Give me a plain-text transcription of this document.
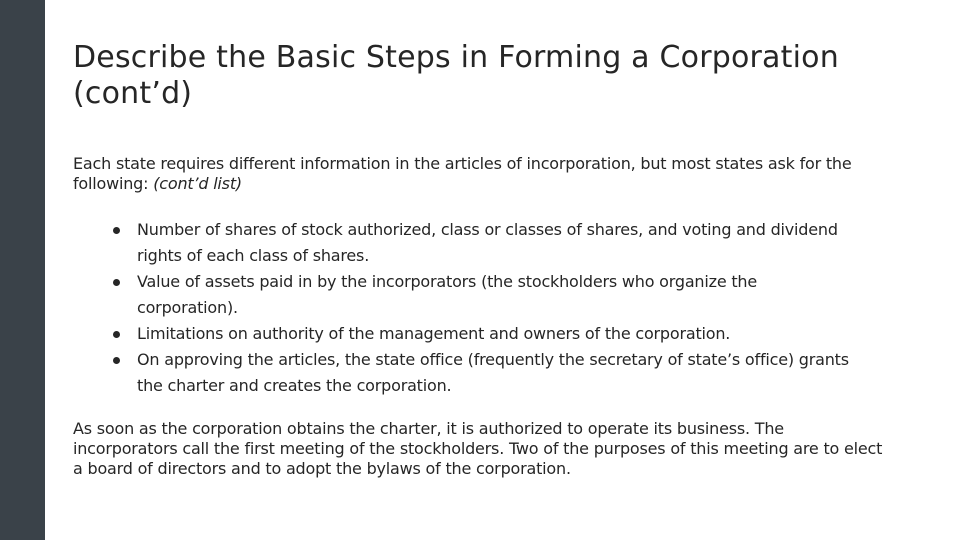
Describe the Basic Steps in Forming a Corporation (cont’d)

Each state requires different information in the articles of incorporation, but most states ask for the following: (cont’d list)

Number of shares of stock authorized, class or classes of shares, and voting and dividend rights of each class of shares.
Value of assets paid in by the incorporators (the stockholders who organize the corporation).
Limitations on authority of the management and owners of the corporation.
On approving the articles, the state office (frequently the secretary of state’s office) grants the charter and creates the corporation.

As soon as the corporation obtains the charter, it is authorized to operate its business. The incorporators call the first meeting of the stockholders. Two of the purposes of this meeting are to elect a board of directors and to adopt the bylaws of the corporation.
